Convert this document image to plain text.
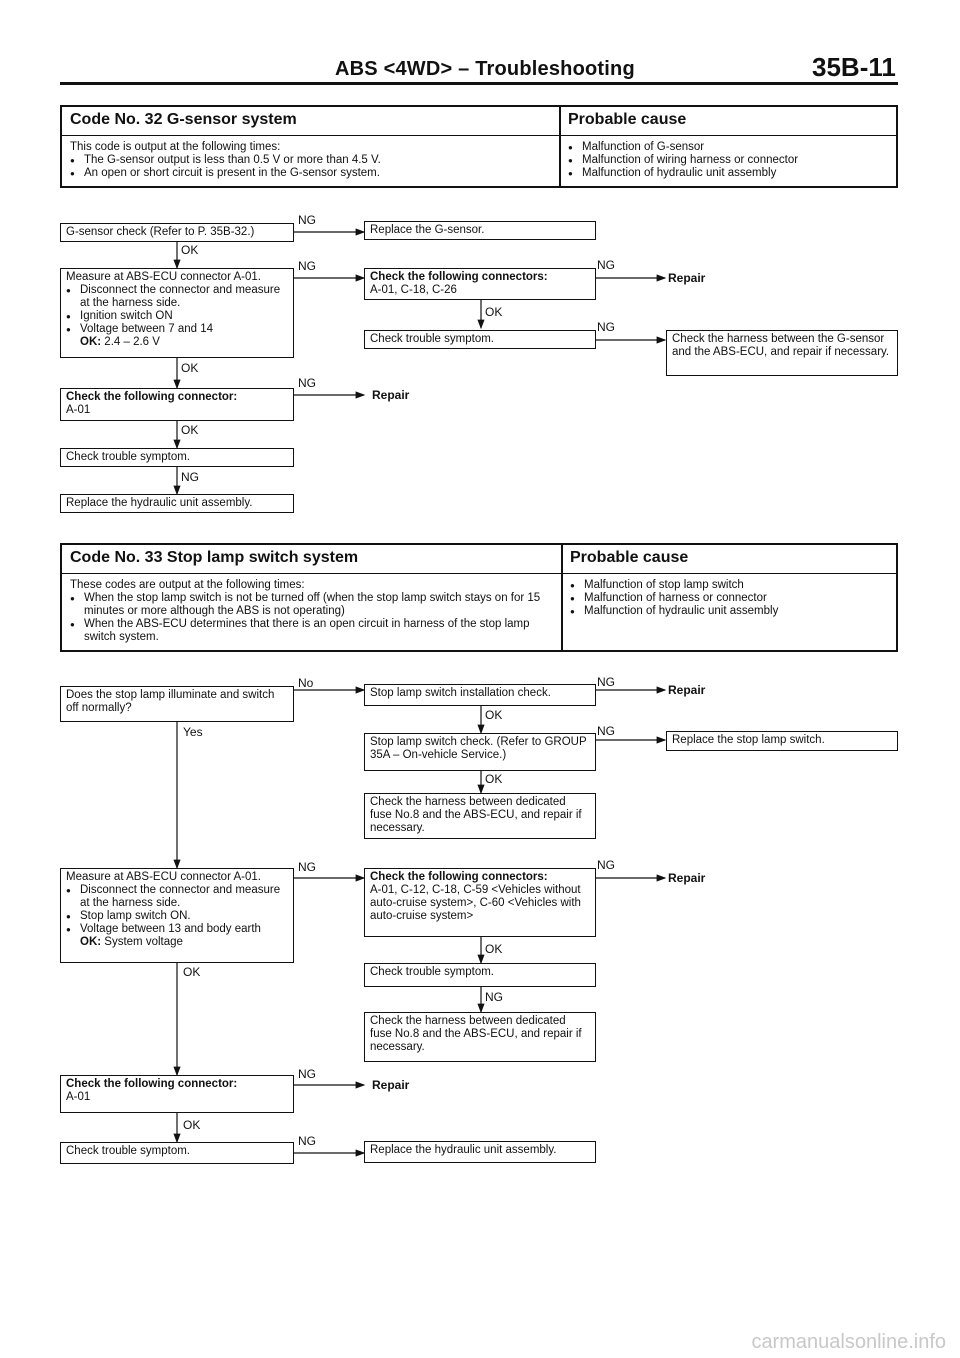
ABS <4WD> – Troubleshooting	35B-11
Code No. 32 G-sensor system	Probable cause

This code is output at the following times:

● The G-sensor output is less than 0.5 V or more than 4.5 V.

● An open or short circuit is present in the G-sensor system.

● Malfunction of G-sensor

● Malfunction of wiring harness or connector

● Malfunction of hydraulic unit assembly

G-sensor check (Refer to P. 35B-32.)	Replace the G-sensor.
Measure at ABS-ECU connector A-01.
● Disconnect the connector and measure at the harness side.
● Ignition switch ON
● Voltage between 7 and 14
OK: 2.4 – 2.6 V
Check the following connectors:
A-01, C-18, C-26
Repair
Check trouble symptom.	Check the harness between the G-sensor and the ABS-ECU, and repair if necessary.
Check the following connector:
A-01
Repair
Check trouble symptom.
Replace the hydraulic unit assembly.
OK
OK
OK
NG
OK
NG
NG
NG
NG
NG
Code No. 33 Stop lamp switch system	Probable cause

These codes are output at the following times:

● When the stop lamp switch is not be turned off (when the stop lamp switch stays on for 15 minutes or more although the ABS is not operating)

● When the ABS-ECU determines that there is an open circuit in harness of the stop lamp switch system.

● Malfunction of stop lamp switch

● Malfunction of harness or connector

● Malfunction of hydraulic unit assembly

Does the stop lamp illuminate and switch off normally?
Stop lamp switch installation check.	Repair
Stop lamp switch check. (Refer to GROUP 35A – On-vehicle Service.)
Replace the stop lamp switch.
Check the harness between dedicated fuse No.8 and the ABS-ECU, and repair if necessary.
Measure at ABS-ECU connector A-01.
● Disconnect the connector and measure at the harness side.
● Stop lamp switch ON.
● Voltage between 13 and body earth
OK: System voltage
Check the following connectors:
A-01, C-12, C-18, C-59 <Vehicles without auto-cruise system>, C-60 <Vehicles with auto-cruise system>
Repair
Check trouble symptom.
Check the harness between dedicated fuse No.8 and the ABS-ECU, and repair if necessary.
Check the following connector:
A-01
Repair
Check trouble symptom.	Replace the hydraulic unit assembly.
No
Yes
OK
OK
NG
NG
NG	NG
OK
NG
OK
NG
OK
NG
carmanualsonline.info
